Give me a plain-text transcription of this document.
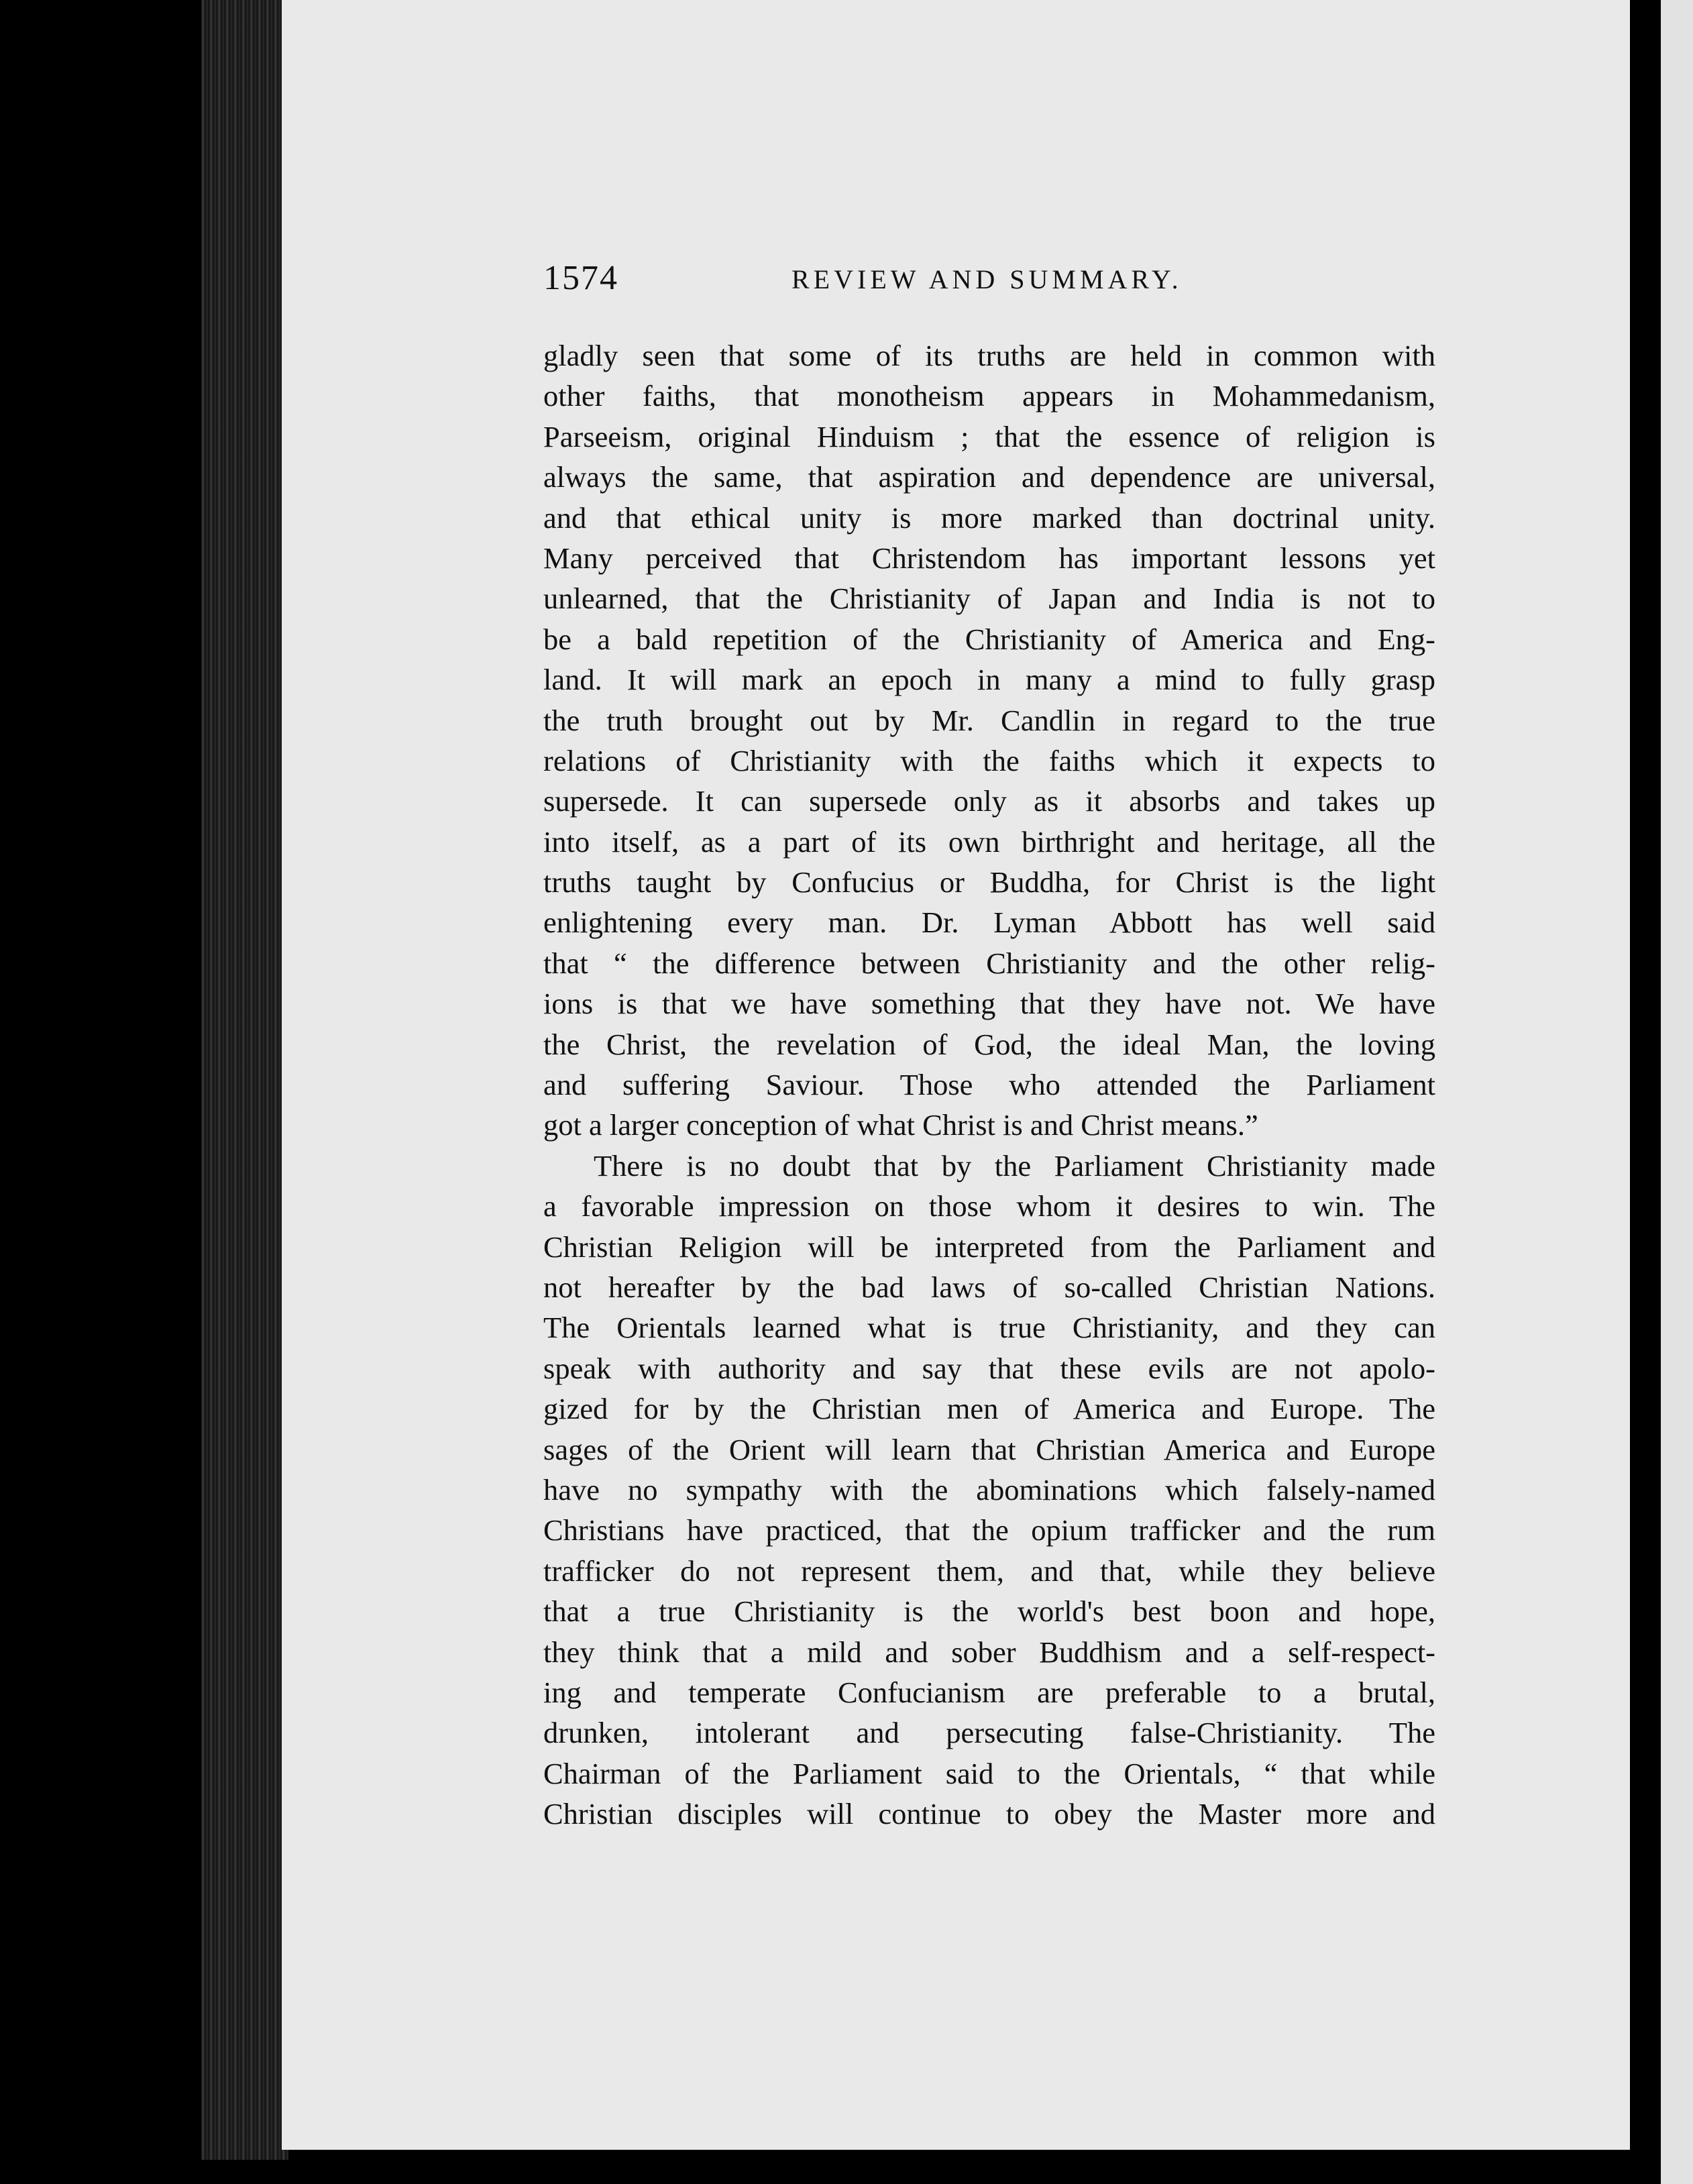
1574	REVIEW AND SUMMARY.
gladly seen that some of its truths are held in common with
other faiths, that monotheism appears in Mohammedanism,
Parseeism, original Hinduism ; that the essence of religion is
always the same, that aspiration and dependence are universal,
and that ethical unity is more marked than doctrinal unity.
Many perceived that Christendom has important lessons yet
unlearned, that the Christianity of Japan and India is not to
be a bald repetition of the Christianity of America and Eng-
land. It will mark an epoch in many a mind to fully grasp
the truth brought out by Mr. Candlin in regard to the true
relations of Christianity with the faiths which it expects to
supersede. It can supersede only as it absorbs and takes up
into itself, as a part of its own birthright and heritage, all the
truths taught by Confucius or Buddha, for Christ is the light
enlightening every man. Dr. Lyman Abbott has well said
that “ the difference between Christianity and the other relig-
ions is that we have something that they have not. We have
the Christ, the revelation of God, the ideal Man, the loving
and suffering Saviour. Those who attended the Parliament
got a larger conception of what Christ is and Christ means.”
There is no doubt that by the Parliament Christianity made
a favorable impression on those whom it desires to win. The
Christian Religion will be interpreted from the Parliament and
not hereafter by the bad laws of so-called Christian Nations.
The Orientals learned what is true Christianity, and they can
speak with authority and say that these evils are not apolo-
gized for by the Christian men of America and Europe. The
sages of the Orient will learn that Christian America and Europe
have no sympathy with the abominations which falsely-named
Christians have practiced, that the opium trafficker and the rum
trafficker do not represent them, and that, while they believe
that a true Christianity is the world's best boon and hope,
they think that a mild and sober Buddhism and a self-respect-
ing and temperate Confucianism are preferable to a brutal,
drunken, intolerant and persecuting false-Christianity. The
Chairman of the Parliament said to the Orientals, “ that while
Christian disciples will continue to obey the Master more and
